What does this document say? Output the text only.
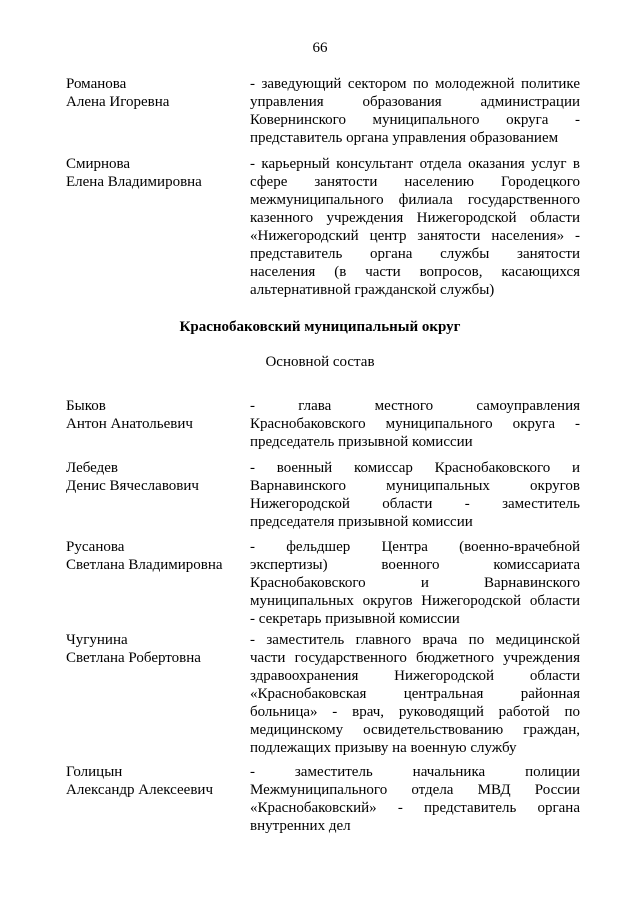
66
Романова
Алена Игоревна
- заведующий сектором по молодежной политике
управления образования администрации
Ковернинского муниципального округа -
представитель органа управления образованием
Смирнова
Елена Владимировна
- карьерный консультант отдела оказания услуг в
сфере занятости населению Городецкого
межмуниципального филиала государственного
казенного учреждения Нижегородской области
«Нижегородский центр занятости населения» -
представитель органа службы занятости
населения (в части вопросов, касающихся
альтернативной гражданской службы)
Краснобаковский муниципальный округ
Основной состав
Быков
Антон Анатольевич
- глава местного самоуправления
Краснобаковского муниципального округа -
председатель призывной комиссии
Лебедев
Денис Вячеславович
- военный комиссар Краснобаковского и
Варнавинского муниципальных округов
Нижегородской области - заместитель
председателя призывной комиссии
Русанова
Светлана Владимировна
- фельдшер Центра (военно-врачебной
экспертизы) военного комиссариата
Краснобаковского и Варнавинского
муниципальных округов Нижегородской области
- секретарь призывной комиссии
Чугунина
Светлана Робертовна
- заместитель главного врача по медицинской
части государственного бюджетного учреждения
здравоохранения Нижегородской области
«Краснобаковская центральная районная
больница» - врач, руководящий работой по
медицинскому освидетельствованию граждан,
подлежащих призыву на военную службу
Голицын
Александр Алексеевич
- заместитель начальника полиции
Межмуниципального отдела МВД России
«Краснобаковский» - представитель органа
внутренних дел
